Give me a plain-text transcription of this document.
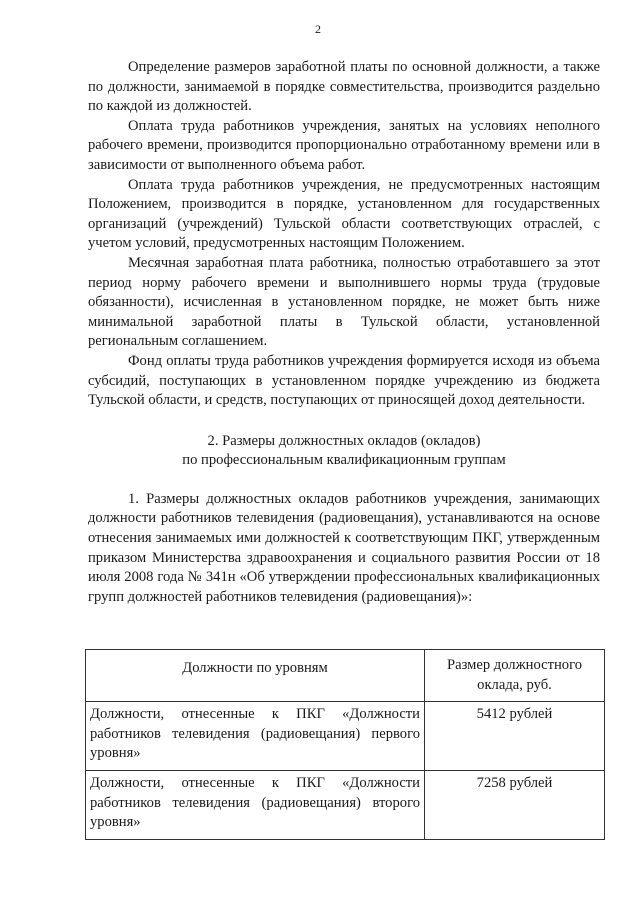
2

Определение размеров заработной платы по основной должности, а также по должности, занимаемой в порядке совместительства, производится раздельно по каждой из должностей.

Оплата труда работников учреждения, занятых на условиях неполного рабочего времени, производится пропорционально отработанному времени или в зависимости от выполненного объема работ.

Оплата труда работников учреждения, не предусмотренных настоящим Положением, производится в порядке, установленном для государственных организаций (учреждений) Тульской области соответствующих отраслей, с учетом условий, предусмотренных настоящим Положением.

Месячная заработная плата работника, полностью отработавшего за этот период норму рабочего времени и выполнившего нормы труда (трудовые обязанности), исчисленная в установленном порядке, не может быть ниже минимальной заработной платы в Тульской области, установленной региональным соглашением.

Фонд оплаты труда работников учреждения формируется исходя из объема субсидий, поступающих в установленном порядке учреждению из бюджета Тульской области, и средств, поступающих от приносящей доход деятельности.

2. Размеры должностных окладов (окладов)
по профессиональным квалификационным группам

1. Размеры должностных окладов работников учреждения, занимающих должности работников телевидения (радиовещания), устанавливаются на основе отнесения занимаемых ими должностей к соответствующим ПКГ, утвержденным приказом Министерства здравоохранения и социального развития России от 18 июля 2008 года № 341н «Об утверждении профессиональных квалификационных групп должностей работников телевидения (радиовещания)»:

Должности по уровням	Размер должностного оклада, руб.
Должности, отнесенные к ПКГ «Должности работников телевидения (радиовещания) первого уровня»	5412 рублей
Должности, отнесенные к ПКГ «Должности работников телевидения (радиовещания) второго уровня»	7258 рублей
